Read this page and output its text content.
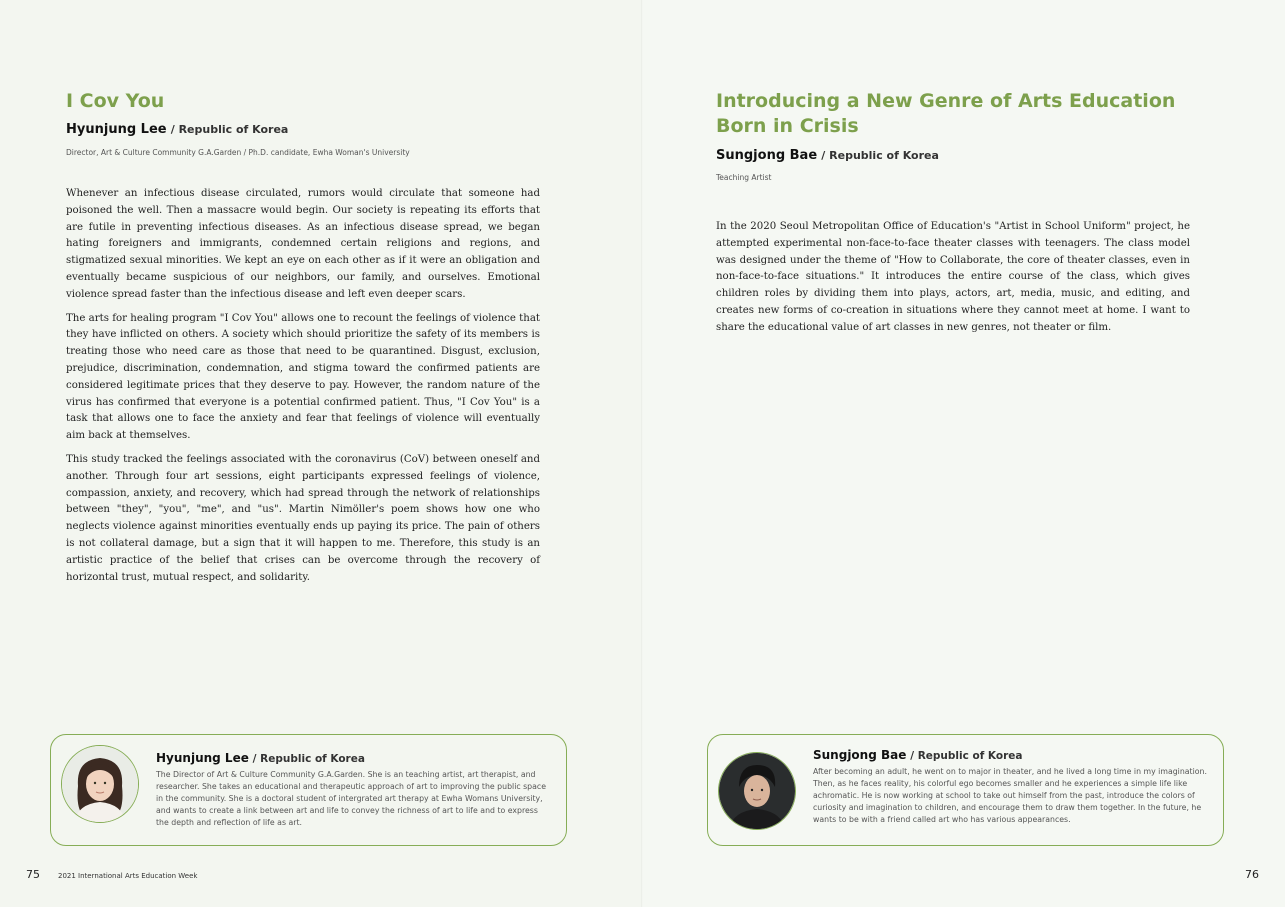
I Cov You

Hyunjung Lee / Republic of Korea

Director, Art & Culture Community G.A.Garden / Ph.D. candidate, Ewha Woman's University

Whenever an infectious disease circulated, rumors would circulate that someone had poisoned the well. Then a massacre would begin. Our society is repeating its efforts that are futile in preventing infectious diseases. As an infectious disease spread, we began hating foreigners and immigrants, condemned certain religions and regions, and stigmatized sexual minorities. We kept an eye on each other as if it were an obligation and eventually became suspicious of our neighbors, our family, and ourselves. Emotional violence spread faster than the infectious disease and left even deeper scars.

The arts for healing program "I Cov You" allows one to recount the feelings of violence that they have inflicted on others. A society which should prioritize the safety of its members is treating those who need care as those that need to be quarantined. Disgust, exclusion, prejudice, discrimination, condemnation, and stigma toward the confirmed patients are considered legitimate prices that they deserve to pay. However, the random nature of the virus has confirmed that everyone is a potential confirmed patient. Thus, "I Cov You" is a task that allows one to face the anxiety and fear that feelings of violence will eventually aim back at themselves.

This study tracked the feelings associated with the coronavirus (CoV) between oneself and another. Through four art sessions, eight participants expressed feelings of violence, compassion, anxiety, and recovery, which had spread through the network of relationships between "they", "you", "me", and "us". Martin Nimöller's poem shows how one who neglects violence against minorities eventually ends up paying its price. The pain of others is not collateral damage, but a sign that it will happen to me. Therefore, this study is an artistic practice of the belief that crises can be overcome through the recovery of horizontal trust, mutual respect, and solidarity.

Hyunjung Lee / Republic of Korea

The Director of Art & Culture Community G.A.Garden. She is an teaching artist, art therapist, and researcher. She takes an educational and therapeutic approach of art to improving the public space in the community. She is a doctoral student of intergrated art therapy at Ewha Womans University, and wants to create a link between art and life to convey the richness of art to life and to express the depth and reflection of life as art.

75	2021 International Arts Education Week
Introducing a New Genre of Arts Education Born in Crisis

Sungjong Bae / Republic of Korea

Teaching Artist

In the 2020 Seoul Metropolitan Office of Education's "Artist in School Uniform" project, he attempted experimental non-face-to-face theater classes with teenagers. The class model was designed under the theme of "How to Collaborate, the core of theater classes, even in non-face-to-face situations." It introduces the entire course of the class, which gives children roles by dividing them into plays, actors, art, media, music, and editing, and creates new forms of co-creation in situations where they cannot meet at home. I want to share the educational value of art classes in new genres, not theater or film.

Sungjong Bae / Republic of Korea

After becoming an adult, he went on to major in theater, and he lived a long time in my imagination. Then, as he faces reality, his colorful ego becomes smaller and he experiences a simple life like achromatic. He is now working at school to take out himself from the past, introduce the colors of curiosity and imagination to children, and encourage them to draw them together. In the future, he wants to be with a friend called art who has various appearances.

76
